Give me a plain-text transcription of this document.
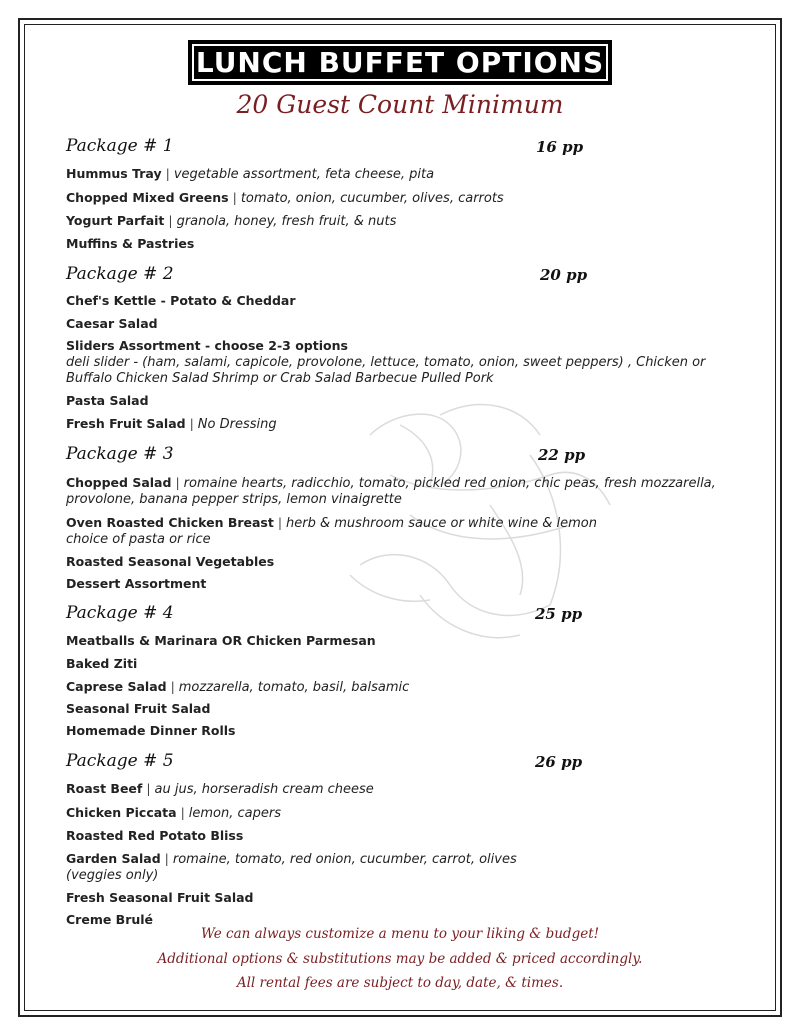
LUNCH BUFFET OPTIONS
20 Guest Count Minimum
Package # 1	16 pp
Hummus Tray | vegetable assortment, feta cheese, pita
Chopped Mixed Greens | tomato, onion, cucumber, olives, carrots
Yogurt Parfait | granola, honey, fresh fruit, & nuts
Muffins & Pastries
Package # 2	20 pp
Chef's Kettle - Potato & Cheddar
Caesar Salad
Sliders Assortment - choose 2-3 options
deli slider - (ham, salami, capicole, provolone, lettuce, tomato, onion, sweet peppers) , Chicken or
Buffalo Chicken Salad Shrimp or Crab Salad Barbecue Pulled Pork
Pasta Salad
Fresh Fruit Salad | No Dressing
Package # 3	22 pp
Chopped Salad | romaine hearts, radicchio, tomato, pickled red onion, chic peas, fresh mozzarella,
provolone, banana pepper strips, lemon vinaigrette
Oven Roasted Chicken Breast | herb & mushroom sauce or white wine & lemon
choice of pasta or rice
Roasted Seasonal Vegetables
Dessert Assortment
Package # 4	25 pp
Meatballs & Marinara OR Chicken Parmesan
Baked Ziti
Caprese Salad | mozzarella, tomato, basil, balsamic
Seasonal Fruit Salad
Homemade Dinner Rolls
Package # 5	26 pp
Roast Beef | au jus, horseradish cream cheese
Chicken Piccata | lemon, capers
Roasted Red Potato Bliss
Garden Salad | romaine, tomato, red onion, cucumber, carrot, olives
(veggies only)
Fresh Seasonal Fruit Salad
Creme Brulé
We can always customize a menu to your liking & budget!
Additional options & substitutions may be added & priced accordingly.
All rental fees are subject to day, date, & times.
